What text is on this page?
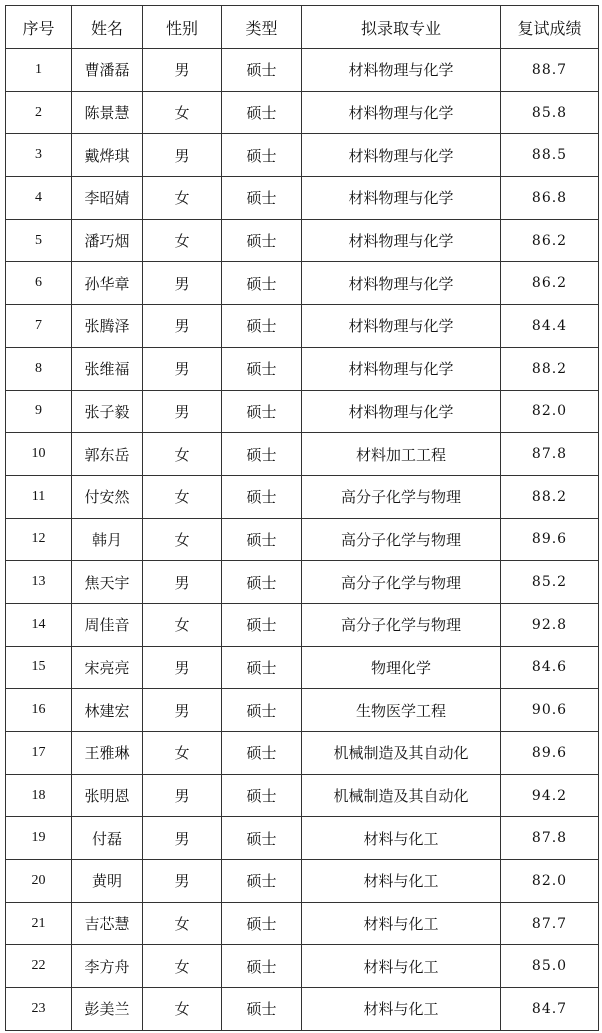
序号	姓名	性别	类型	拟录取专业	复试成绩
1	曹潘磊	男	硕士	材料物理与化学	88.7
2	陈景慧	女	硕士	材料物理与化学	85.8
3	戴烨琪	男	硕士	材料物理与化学	88.5
4	李昭婧	女	硕士	材料物理与化学	86.8
5	潘巧烟	女	硕士	材料物理与化学	86.2
6	孙华章	男	硕士	材料物理与化学	86.2
7	张腾泽	男	硕士	材料物理与化学	84.4
8	张维福	男	硕士	材料物理与化学	88.2
9	张子毅	男	硕士	材料物理与化学	82.0
10	郭东岳	女	硕士	材料加工工程	87.8
11	付安然	女	硕士	高分子化学与物理	88.2
12	韩月	女	硕士	高分子化学与物理	89.6
13	焦天宇	男	硕士	高分子化学与物理	85.2
14	周佳音	女	硕士	高分子化学与物理	92.8
15	宋亮亮	男	硕士	物理化学	84.6
16	林建宏	男	硕士	生物医学工程	90.6
17	王雅琳	女	硕士	机械制造及其自动化	89.6
18	张明恩	男	硕士	机械制造及其自动化	94.2
19	付磊	男	硕士	材料与化工	87.8
20	黄明	男	硕士	材料与化工	82.0
21	吉芯慧	女	硕士	材料与化工	87.7
22	李方舟	女	硕士	材料与化工	85.0
23	彭美兰	女	硕士	材料与化工	84.7
